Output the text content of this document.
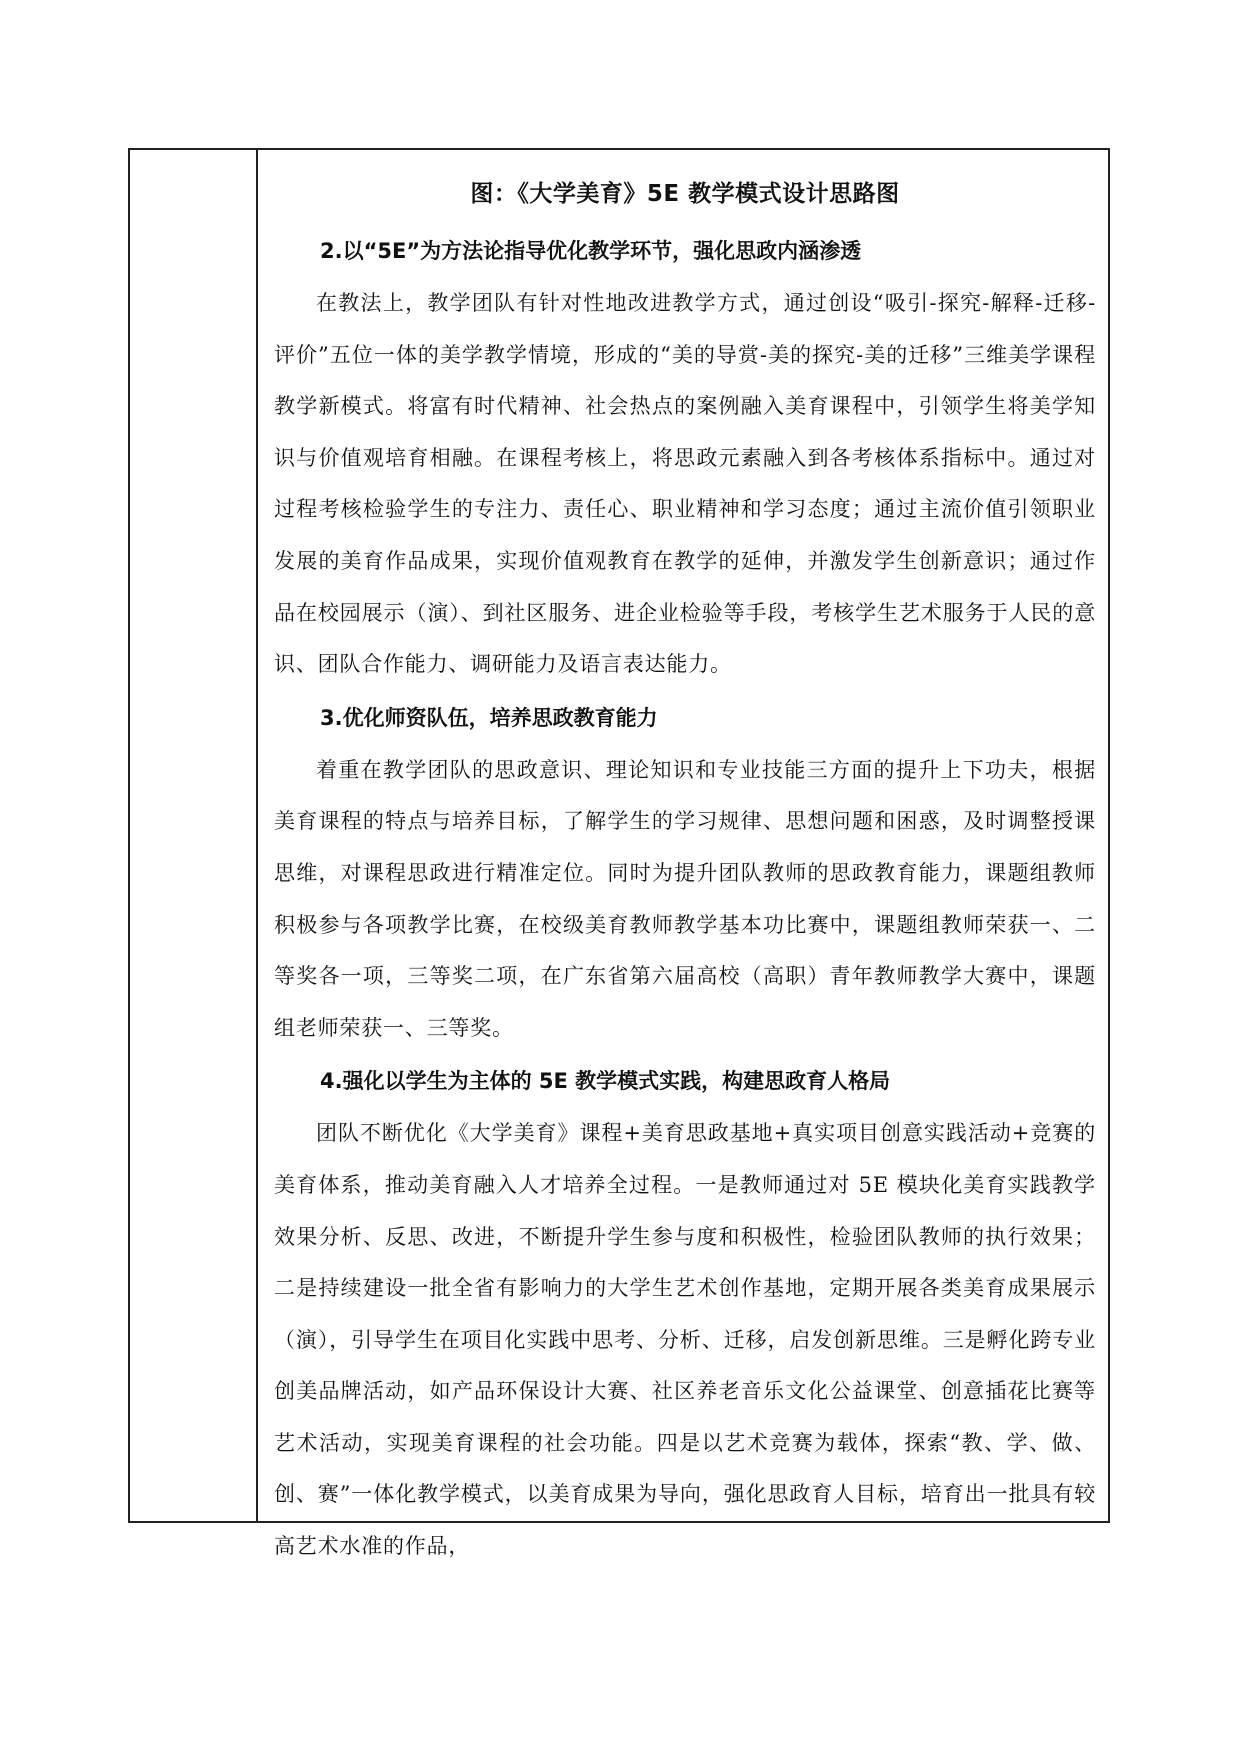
图：《大学美育》5E 教学模式设计思路图
2.以“5E”为方法论指导优化教学环节，强化思政内涵渗透

在教法上，教学团队有针对性地改进教学方式，通过创设“吸引-探究-解释-迁移-评价”五位一体的美学教学情境，形成的“美的导赏-美的探究-美的迁移”三维美学课程教学新模式。将富有时代精神、社会热点的案例融入美育课程中，引领学生将美学知识与价值观培育相融。在课程考核上，将思政元素融入到各考核体系指标中。通过对过程考核检验学生的专注力、责任心、职业精神和学习态度；通过主流价值引领职业发展的美育作品成果，实现价值观教育在教学的延伸，并激发学生创新意识；通过作品在校园展示（演）、到社区服务、进企业检验等手段，考核学生艺术服务于人民的意识、团队合作能力、调研能力及语言表达能力。

3.优化师资队伍，培养思政教育能力

着重在教学团队的思政意识、理论知识和专业技能三方面的提升上下功夫，根据美育课程的特点与培养目标，了解学生的学习规律、思想问题和困惑，及时调整授课思维，对课程思政进行精准定位。同时为提升团队教师的思政教育能力，课题组教师积极参与各项教学比赛，在校级美育教师教学基本功比赛中，课题组教师荣获一、二等奖各一项，三等奖二项，在广东省第六届高校（高职）青年教师教学大赛中，课题组老师荣获一、三等奖。

4.强化以学生为主体的 5E 教学模式实践，构建思政育人格局

团队不断优化《大学美育》课程+美育思政基地+真实项目创意实践活动+竞赛的美育体系，推动美育融入人才培养全过程。一是教师通过对 5E 模块化美育实践教学效果分析、反思、改进，不断提升学生参与度和积极性，检验团队教师的执行效果；二是持续建设一批全省有影响力的大学生艺术创作基地，定期开展各类美育成果展示（演），引导学生在项目化实践中思考、分析、迁移，启发创新思维。三是孵化跨专业创美品牌活动，如产品环保设计大赛、社区养老音乐文化公益课堂、创意插花比赛等艺术活动，实现美育课程的社会功能。四是以艺术竞赛为载体，探索“教、学、做、创、赛”一体化教学模式，以美育成果为导向，强化思政育人目标，培育出一批具有较高艺术水准的作品，
